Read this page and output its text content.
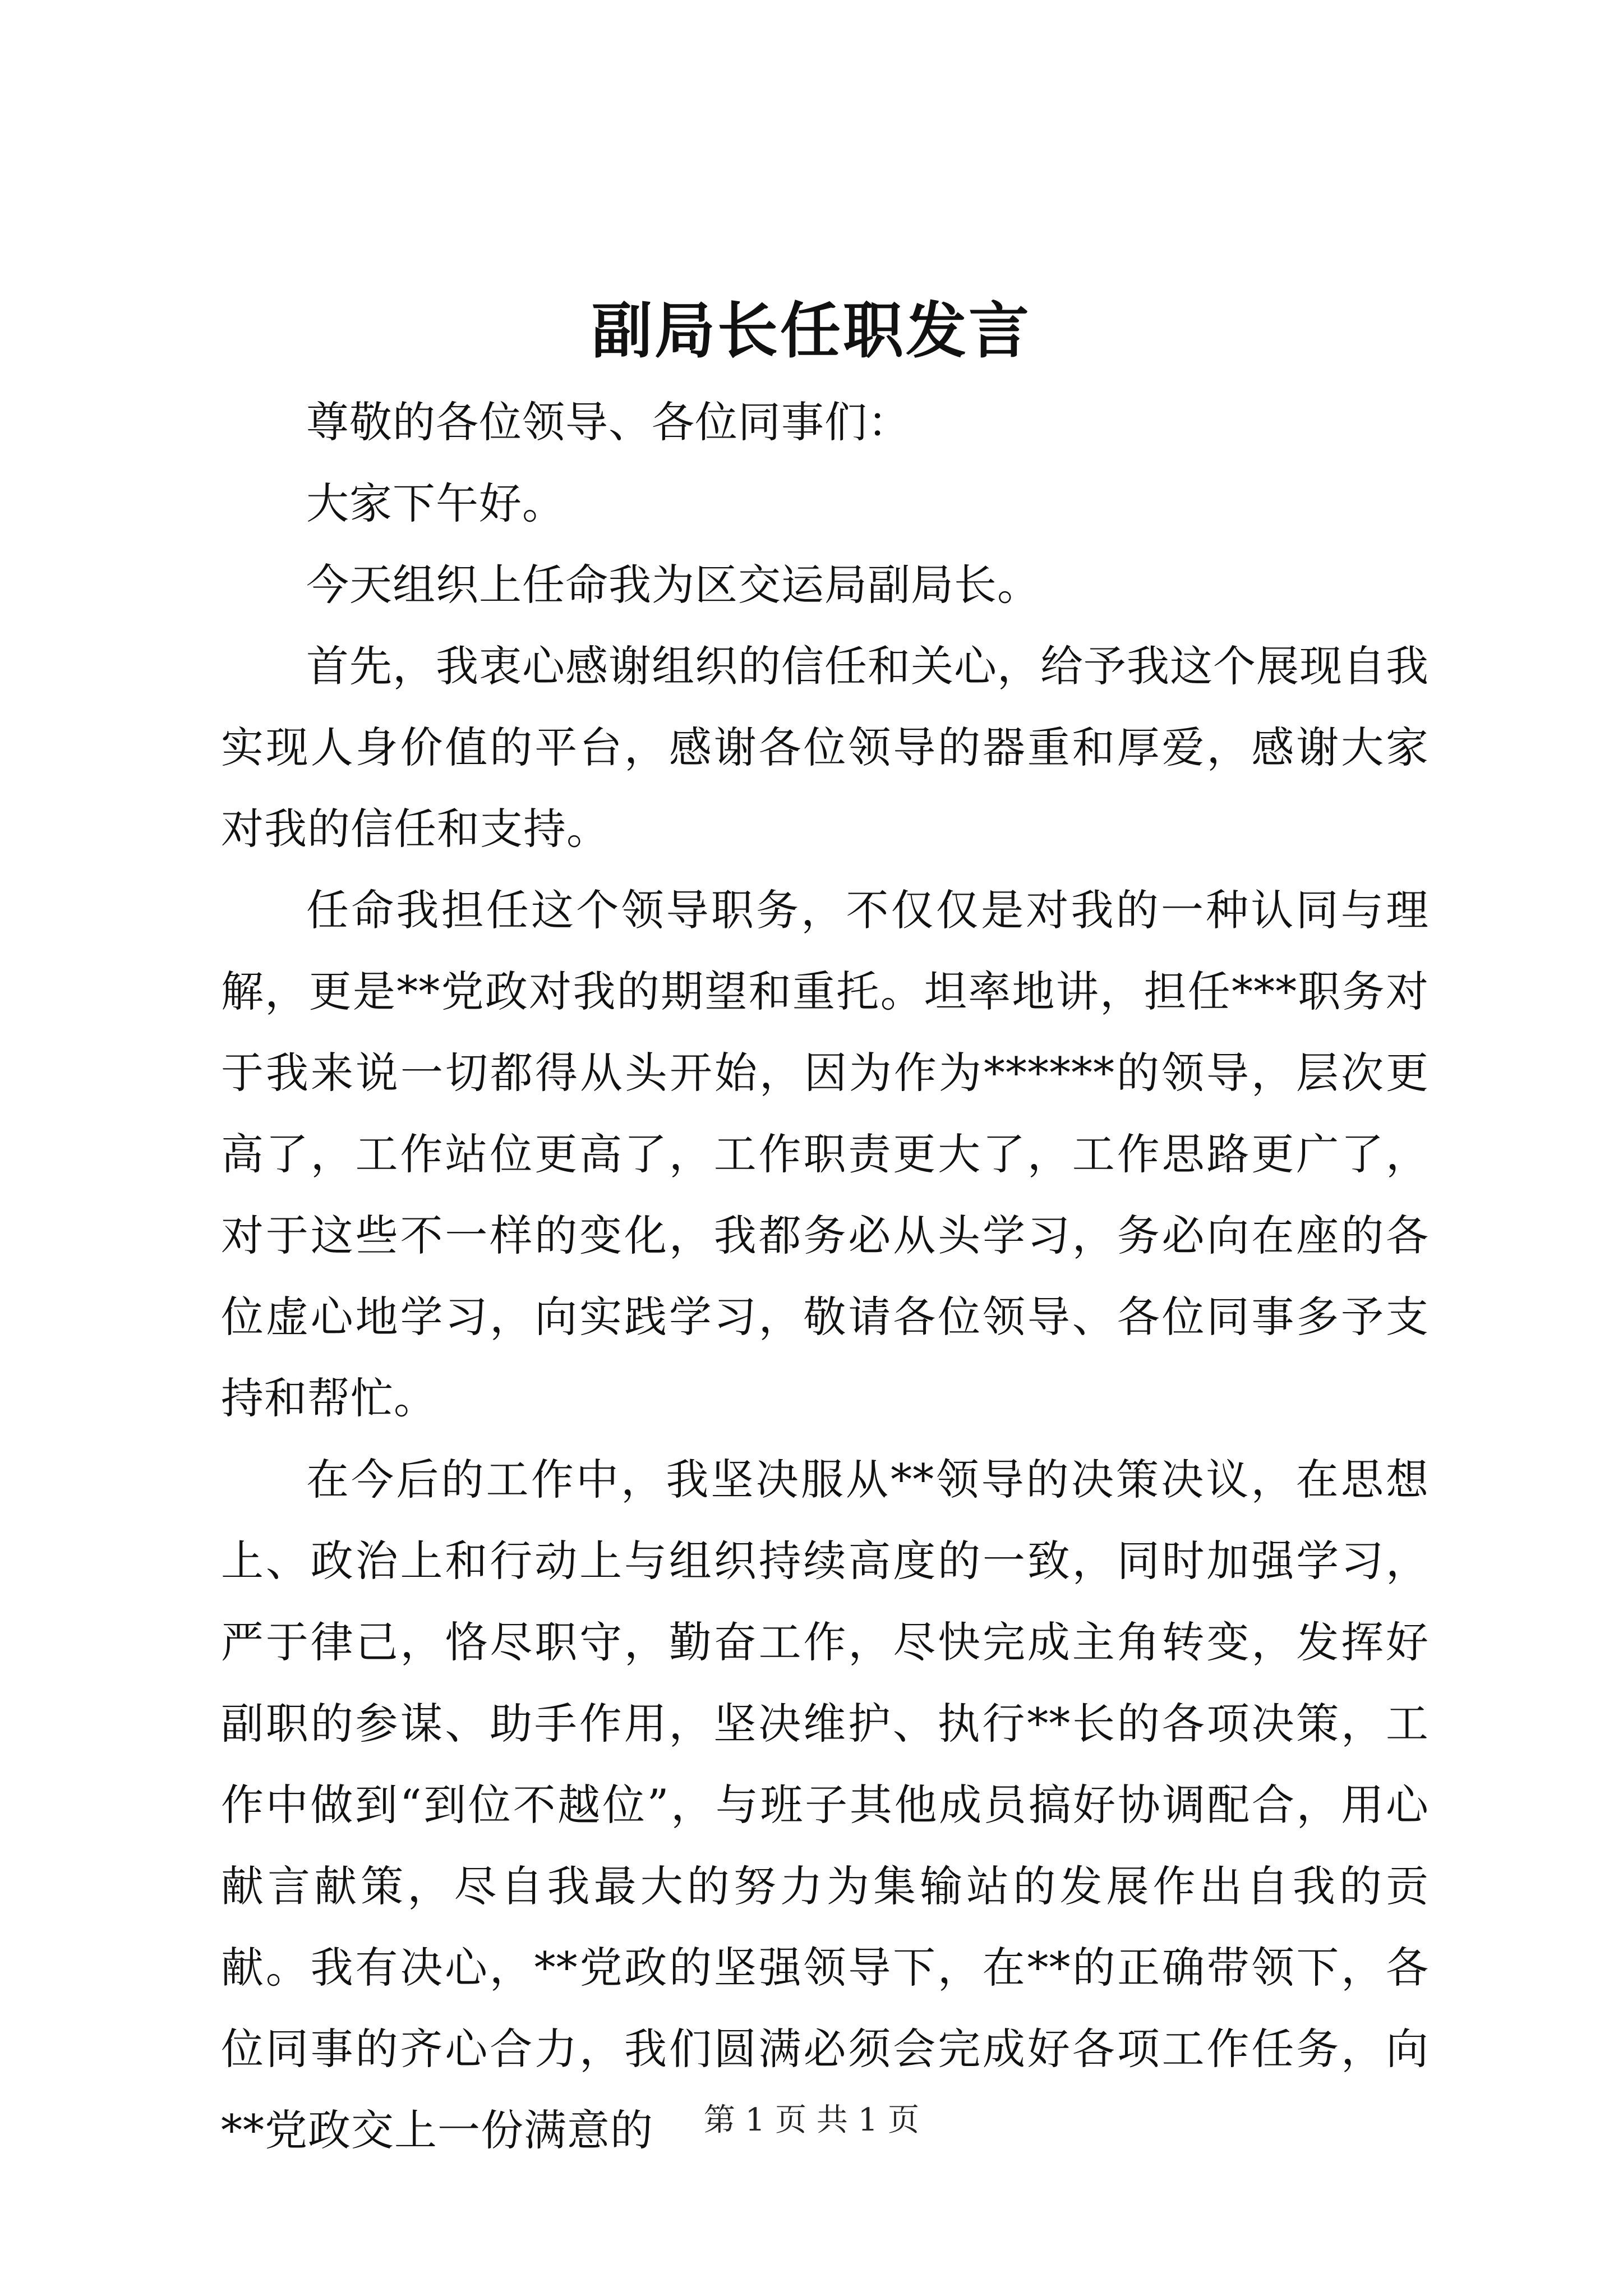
副局长任职发言

尊敬的各位领导、各位同事们：

大家下午好。

今天组织上任命我为区交运局副局长。

首先，我衷心感谢组织的信任和关心，给予我这个展现自我实现人身价值的平台，感谢各位领导的器重和厚爱，感谢大家对我的信任和支持。

任命我担任这个领导职务，不仅仅是对我的一种认同与理解，更是**党政对我的期望和重托。坦率地讲，担任***职务对于我来说一切都得从头开始，因为作为******的领导，层次更高了，工作站位更高了，工作职责更大了，工作思路更广了，对于这些不一样的变化，我都务必从头学习，务必向在座的各位虚心地学习，向实践学习，敬请各位领导、各位同事多予支持和帮忙。

在今后的工作中，我坚决服从**领导的决策决议，在思想上、政治上和行动上与组织持续高度的一致，同时加强学习，严于律己，恪尽职守，勤奋工作，尽快完成主角转变，发挥好副职的参谋、助手作用，坚决维护、执行**长的各项决策，工作中做到“到位不越位”，与班子其他成员搞好协调配合，用心献言献策，尽自我最大的努力为集输站的发展作出自我的贡献。我有决心，**党政的坚强领导下，在**的正确带领下，各位同事的齐心合力，我们圆满必须会完成好各项工作任务，向**党政交上一份满意的	第 1 页 共 1 页
